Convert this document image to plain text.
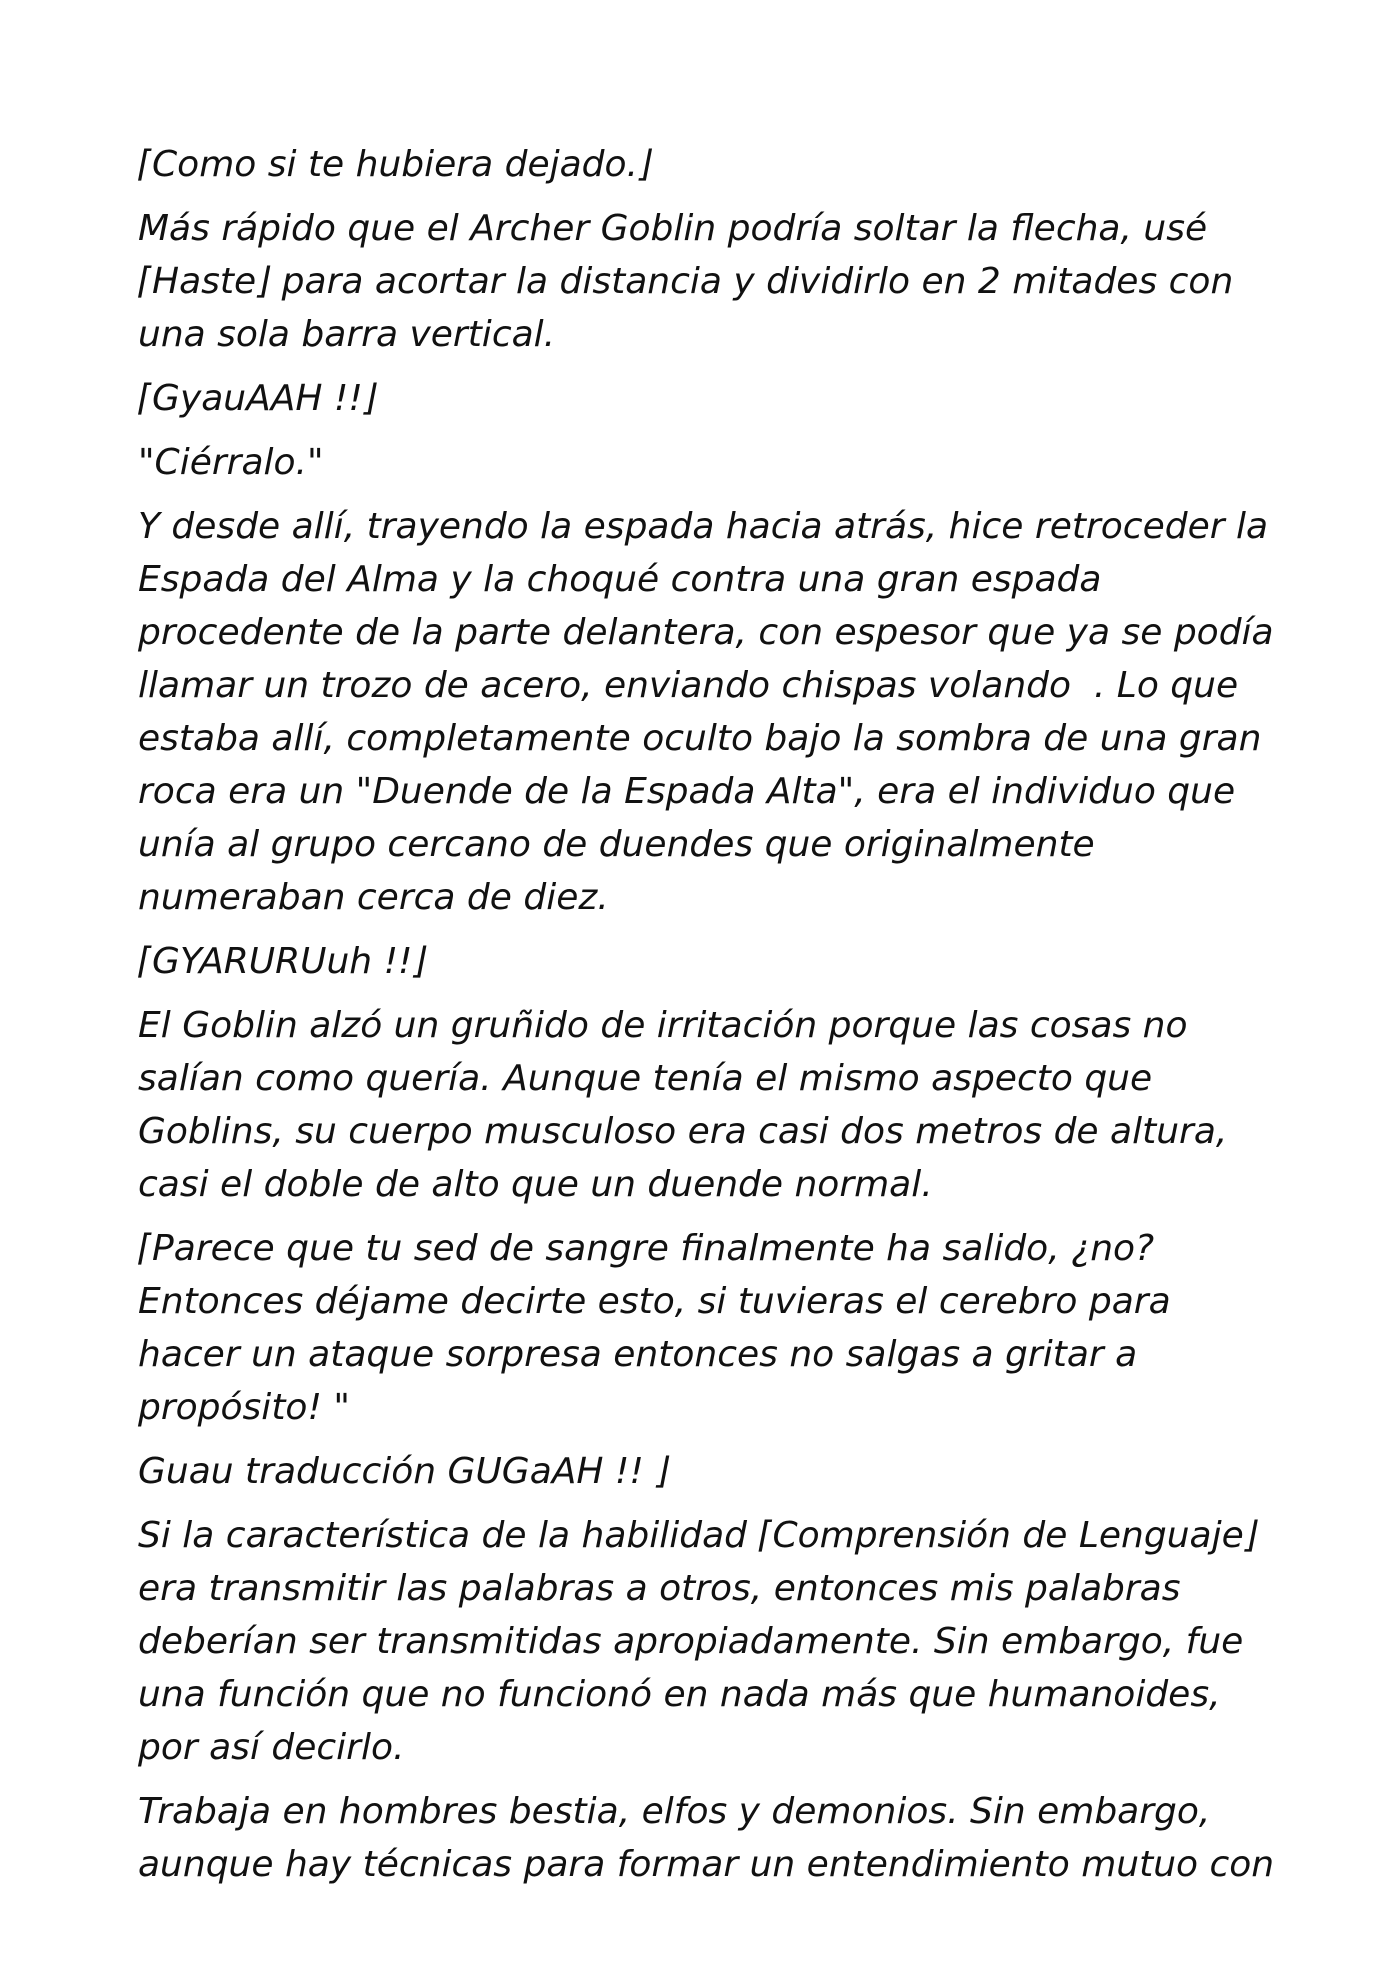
⌈Como si te hubiera dejado.⌋

Más rápido que el Archer Goblin podría soltar la flecha, usé ⌈Haste⌋ para acortar la distancia y dividirlo en 2 mitades con una sola barra vertical.

⌈GyauAAH !!⌋

"Ciérralo."

Y desde allí, trayendo la espada hacia atrás, hice retroceder la Espada del Alma y la choqué contra una gran espada procedente de la parte delantera, con espesor que ya se podía llamar un trozo de acero, enviando chispas volando  . Lo que estaba allí, completamente oculto bajo la sombra de una gran roca era un "Duende de la Espada Alta", era el individuo que unía al grupo cercano de duendes que originalmente numeraban cerca de diez.

⌈GYARURUuh !!⌋

El Goblin alzó un gruñido de irritación porque las cosas no salían como quería. Aunque tenía el mismo aspecto que Goblins, su cuerpo musculoso era casi dos metros de altura, casi el doble de alto que un duende normal.

⌈Parece que tu sed de sangre finalmente ha salido, ¿no? Entonces déjame decirte esto, si tuvieras el cerebro para hacer un ataque sorpresa entonces no salgas a gritar a propósito! "

Guau traducción GUGaAH !! ⌋

Si la característica de la habilidad ⌈Comprensión de Lenguaje⌋ era transmitir las palabras a otros, entonces mis palabras deberían ser transmitidas apropiadamente. Sin embargo, fue una función que no funcionó en nada más que humanoides, por así decirlo.

Trabaja en hombres bestia, elfos y demonios. Sin embargo, aunque hay técnicas para formar un entendimiento mutuo con
